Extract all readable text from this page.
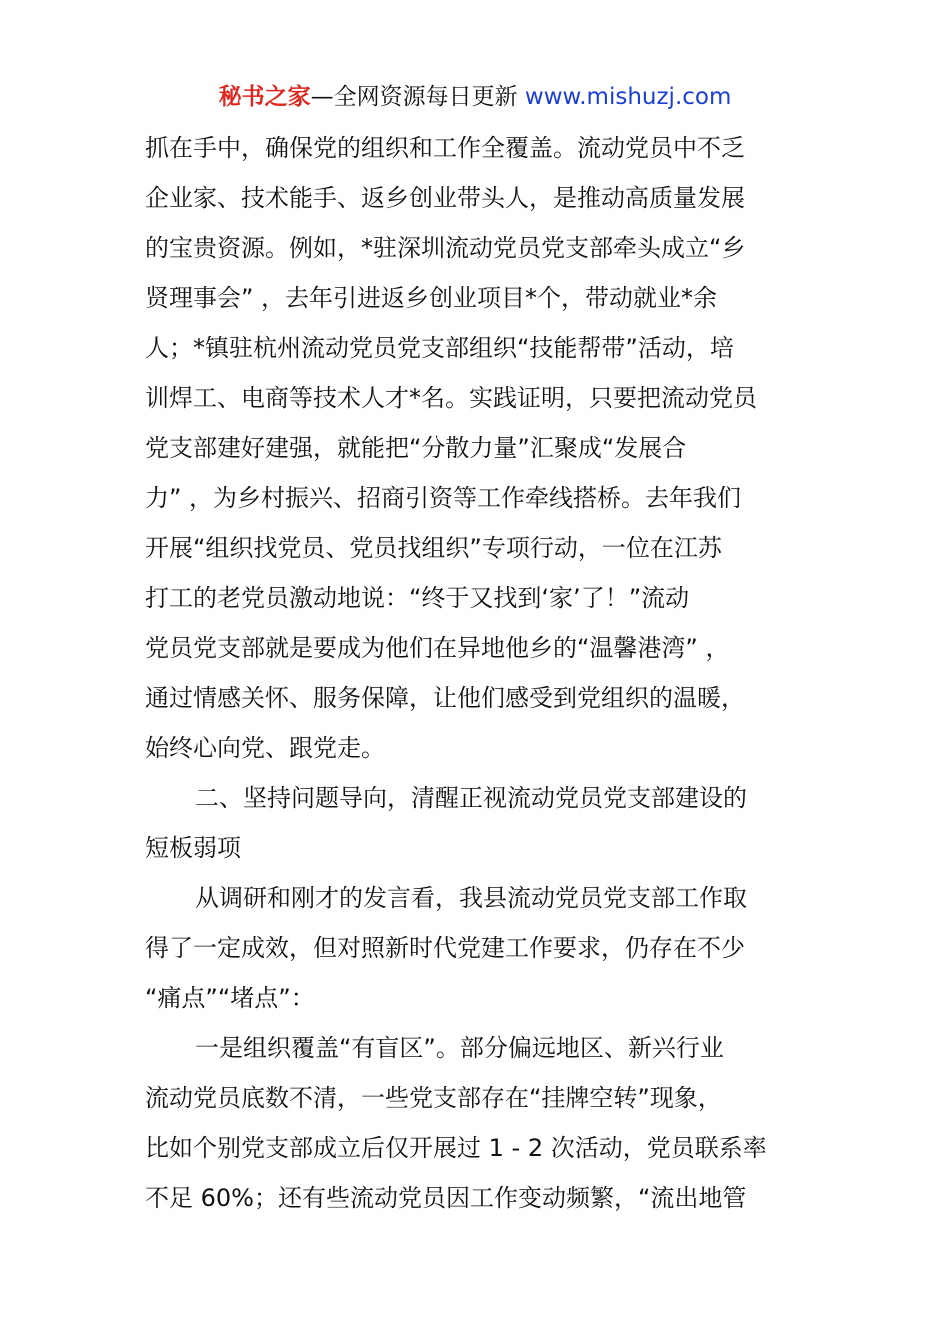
秘书之家—全网资源每日更新 www.mishuzj.com
抓在手中，确保党的组织和工作全覆盖。流动党员中不乏
企业家、技术能手、返乡创业带头人，是推动高质量发展
的宝贵资源。例如，*驻深圳流动党员党支部牵头成立“乡
贤理事会” ，去年引进返乡创业项目*个，带动就业*余
人；*镇驻杭州流动党员党支部组织“技能帮带”活动，培
训焊工、电商等技术人才*名。实践证明，只要把流动党员
党支部建好建强，就能把“分散力量”汇聚成“发展合
力” ，为乡村振兴、招商引资等工作牵线搭桥。去年我们
开展“组织找党员、党员找组织”专项行动，一位在江苏
打工的老党员激动地说：“终于又找到‘家’了！”流动
党员党支部就是要成为他们在异地他乡的“温馨港湾” ，
通过情感关怀、服务保障，让他们感受到党组织的温暖，
始终心向党、跟党走。
二、坚持问题导向，清醒正视流动党员党支部建设的
短板弱项
从调研和刚才的发言看，我县流动党员党支部工作取
得了一定成效，但对照新时代党建工作要求，仍存在不少
“痛点”“堵点”：
一是组织覆盖“有盲区”。部分偏远地区、新兴行业
流动党员底数不清，一些党支部存在“挂牌空转”现象，
比如个别党支部成立后仅开展过 1 - 2 次活动，党员联系率
不足 60%；还有些流动党员因工作变动频繁，“流出地管
